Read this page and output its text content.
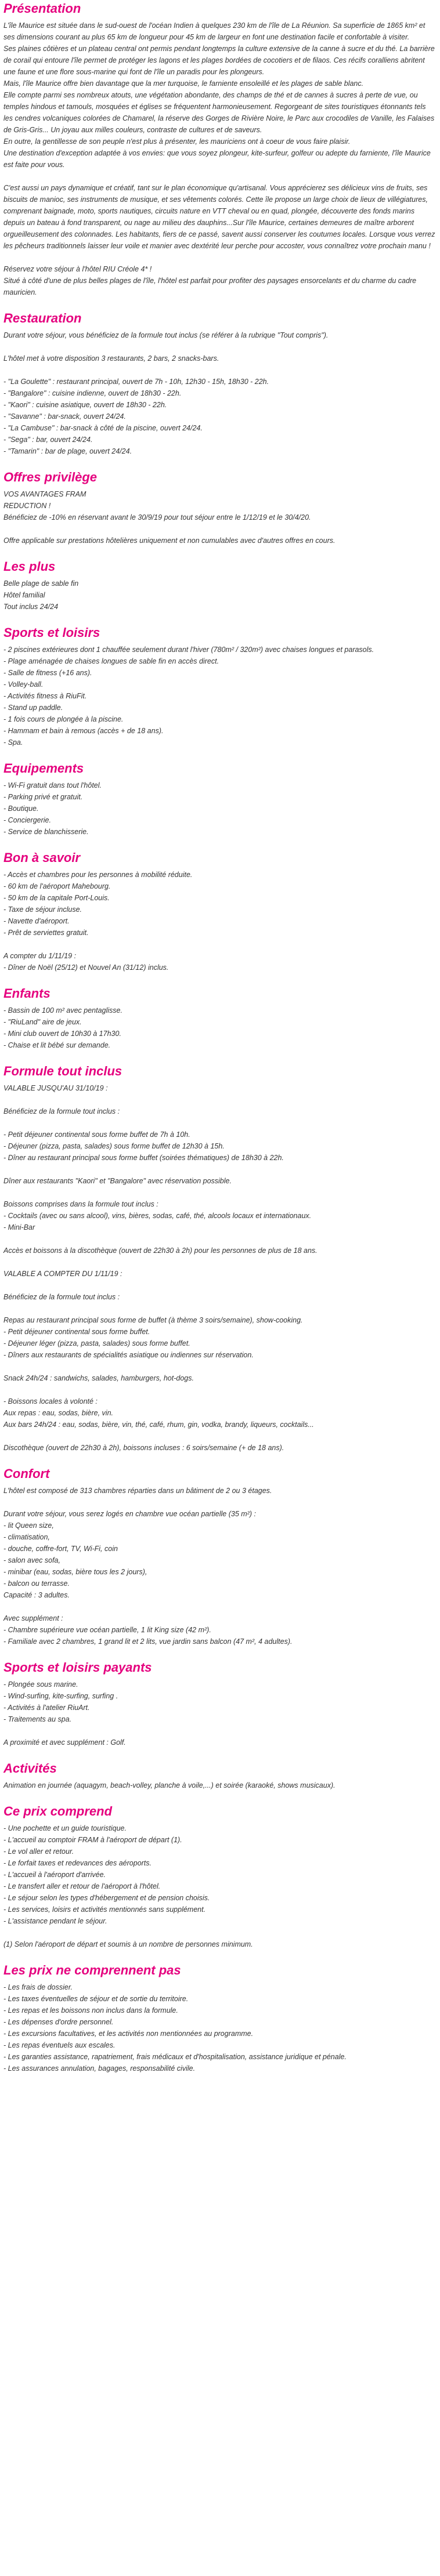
Présentation
L'île Maurice est située dans le sud-ouest de l'océan Indien à quelques 230 km de l'île de La Réunion. Sa superficie de 1865 km² et ses dimensions courant au plus 65 km de longueur pour 45 km de largeur en font une destination facile et confortable à visiter.
Ses plaines côtières et un plateau central ont permis pendant longtemps la culture extensive de la canne à sucre et du thé. La barrière de corail qui entoure l'île permet de protéger les lagons et les plages bordées de cocotiers et de filaos. Ces récifs coralliens abritent une faune et une flore sous-marine qui font de l'île un paradis pour les plongeurs.
Mais, l'île Maurice offre bien davantage que la mer turquoise, le farniente ensoleillé et les plages de sable blanc.
Elle compte parmi ses nombreux atouts, une végétation abondante, des champs de thé et de cannes à sucres à perte de vue, ou temples hindous et tamouls, mosquées et églises se fréquentent harmonieusement. Regorgeant de sites touristiques étonnants tels les cendres volcaniques colorées de Chamarel, la réserve des Gorges de Rivière Noire, le Parc aux crocodiles de Vanille, les Falaises de Gris-Gris... Un joyau aux milles couleurs, contraste de cultures et de saveurs.
En outre, la gentillesse de son peuple n'est plus à présenter, les mauriciens ont à coeur de vous faire plaisir.
Une destination d'exception adaptée à vos envies: que vous soyez plongeur, kite-surfeur, golfeur ou adepte du farniente, l'île Maurice est faite pour vous.
C'est aussi un pays dynamique et créatif, tant sur le plan économique qu'artisanal. Vous apprécierez ses délicieux vins de fruits, ses biscuits de manioc, ses instruments de musique, et ses vêtements colorés. Cette île propose un large choix de lieux de villégiatures, comprenant baignade, moto, sports nautiques, circuits nature en VTT cheval ou en quad, plongée, découverte des fonds marins depuis un bateau à fond transparent, ou nage au milieu des dauphins...Sur l'île Maurice, certaines demeures de maître arborent orgueilleusement des colonnades. Les habitants, fiers de ce passé, savent aussi conserver les coutumes locales. Lorsque vous verrez les pêcheurs traditionnels laisser leur voile et manier avec dextérité leur perche pour accoster, vous connaîtrez votre prochain manu !
Réservez votre séjour à l'hôtel RIU Créole 4* !
Situé à côté d'une de plus belles plages de l'île, l'hôtel est parfait pour profiter des paysages ensorcelants et du charme du cadre mauricien.
Restauration
Durant votre séjour, vous bénéficiez de la formule tout inclus (se référer à la rubrique "Tout compris").
L'hôtel met à votre disposition 3 restaurants, 2 bars, 2 snacks-bars.
- "La Goulette" : restaurant principal, ouvert de 7h - 10h, 12h30 - 15h, 18h30 - 22h.
- "Bangalore" : cuisine indienne, ouvert de 18h30 - 22h.
- "Kaori" : cuisine asiatique, ouvert de 18h30 - 22h.
- "Savanne" : bar-snack, ouvert 24/24.
- "La Cambuse" : bar-snack à côté de la piscine, ouvert 24/24.
- "Sega" : bar, ouvert 24/24.
- "Tamarin" : bar de plage, ouvert 24/24.
Offres privilège
VOS AVANTAGES FRAM
REDUCTION !
Bénéficiez de -10% en réservant avant le 30/9/19 pour tout séjour entre le 1/12/19 et le 30/4/20.
Offre applicable sur prestations hôtelières uniquement et non cumulables avec d'autres offres en cours.
Les plus
Belle plage de sable fin
Hôtel familial
Tout inclus 24/24
Sports et loisirs
- 2 piscines extérieures dont 1 chauffée seulement durant l'hiver (780m² / 320m²) avec chaises longues et parasols.
- Plage aménagée de chaises longues de sable fin en accès direct.
- Salle de fitness (+16 ans).
- Volley-ball.
- Activités fitness à RiuFit.
- Stand up paddle.
- 1 fois cours de plongée à la piscine.
- Hammam et bain à remous (accès + de 18 ans).
- Spa.
Equipements
- Wi-Fi gratuit dans tout l'hôtel.
- Parking privé et gratuit.
- Boutique.
- Conciergerie.
- Service de blanchisserie.
Bon à savoir
- Accès et chambres pour les personnes à mobilité réduite.
- 60 km de l'aéroport Mahebourg.
- 50 km de la capitale Port-Louis.
- Taxe de séjour incluse.
- Navette d'aéroport.
- Prêt de serviettes gratuit.
A compter du 1/11/19 :
- Dîner de Noël (25/12) et Nouvel An (31/12) inclus.
Enfants
- Bassin de 100 m² avec pentaglisse.
- "RiuLand" aire de jeux.
- Mini club ouvert de 10h30 à 17h30.
- Chaise et lit bébé sur demande.
Formule tout inclus
VALABLE JUSQU'AU 31/10/19 :
Bénéficiez de la formule tout inclus :
- Petit déjeuner continental sous forme buffet de 7h à 10h.
- Déjeuner (pizza, pasta, salades) sous forme buffet de 12h30 à 15h.
- Dîner au restaurant principal sous forme buffet (soirées thématiques) de 18h30 à 22h.
Dîner aux restaurants "Kaori" et "Bangalore" avec réservation possible.
Boissons comprises dans la formule tout inclus :
- Cocktails (avec ou sans alcool), vins, bières, sodas, café, thé, alcools locaux et internationaux.
- Mini-Bar
Accès et boissons à la discothèque (ouvert de 22h30 à 2h) pour les personnes de plus de 18 ans.
VALABLE A COMPTER DU 1/11/19 :
Bénéficiez de la formule tout inclus :
Repas au restaurant principal sous forme de buffet (à thème 3 soirs/semaine), show-cooking.
- Petit déjeuner continental sous forme buffet.
- Déjeuner léger (pizza, pasta, salades) sous forme buffet.
- Dîners aux restaurants de spécialités asiatique ou indiennes sur réservation.
Snack 24h/24 : sandwichs, salades, hamburgers, hot-dogs.
- Boissons locales à volonté :
Aux repas : eau, sodas, bière, vin.
Aux bars 24h/24 : eau, sodas, bière, vin, thé, café, rhum, gin, vodka, brandy, liqueurs, cocktails...
Discothèque (ouvert de 22h30 à 2h), boissons incluses : 6 soirs/semaine (+ de 18 ans).
Confort
L'hôtel est composé de 313 chambres réparties dans un bâtiment de 2 ou 3 étages.
Durant votre séjour, vous serez logés en chambre vue océan partielle (35 m²) :
- lit Queen size,
- climatisation,
- douche, coffre-fort, TV, Wi-Fi, coin
- salon avec sofa,
- minibar (eau, sodas, bière tous les 2 jours),
- balcon ou terrasse.
Capacité : 3 adultes.
Avec supplément :
- Chambre supérieure vue océan partielle, 1 lit King size (42 m²).
- Familiale avec 2 chambres, 1 grand lit et 2 lits, vue jardin sans balcon (47 m², 4 adultes).
Sports et loisirs payants
- Plongée sous marine.
- Wind-surfing, kite-surfing, surfing .
- Activités à l'atelier RiuArt.
- Traitements au spa.
A proximité et avec supplément : Golf.
Activités
Animation en journée (aquagym, beach-volley, planche à voile,...) et soirée (karaoké, shows musicaux).
Ce prix comprend
- Une pochette et un guide touristique.
- L'accueil au comptoir FRAM à l'aéroport de départ (1).
- Le vol aller et retour.
- Le forfait taxes et redevances des aéroports.
- L'accueil à l'aéroport d'arrivée.
- Le transfert aller et retour de l'aéroport à l'hôtel.
- Le séjour selon les types d'hébergement et de pension choisis.
- Les services, loisirs et activités mentionnés sans supplément.
- L'assistance pendant le séjour.
(1) Selon l'aéroport de départ et soumis à un nombre de personnes minimum.
Les prix ne comprennent pas
- Les frais de dossier.
- Les taxes éventuelles de séjour et de sortie du territoire.
- Les repas et les boissons non inclus dans la formule.
- Les dépenses d'ordre personnel.
- Les excursions facultatives, et les activités non mentionnées au programme.
- Les repas éventuels aux escales.
- Les garanties assistance, rapatriement, frais médicaux et d'hospitalisation, assistance juridique et pénale.
- Les assurances annulation, bagages, responsabilité civile.
